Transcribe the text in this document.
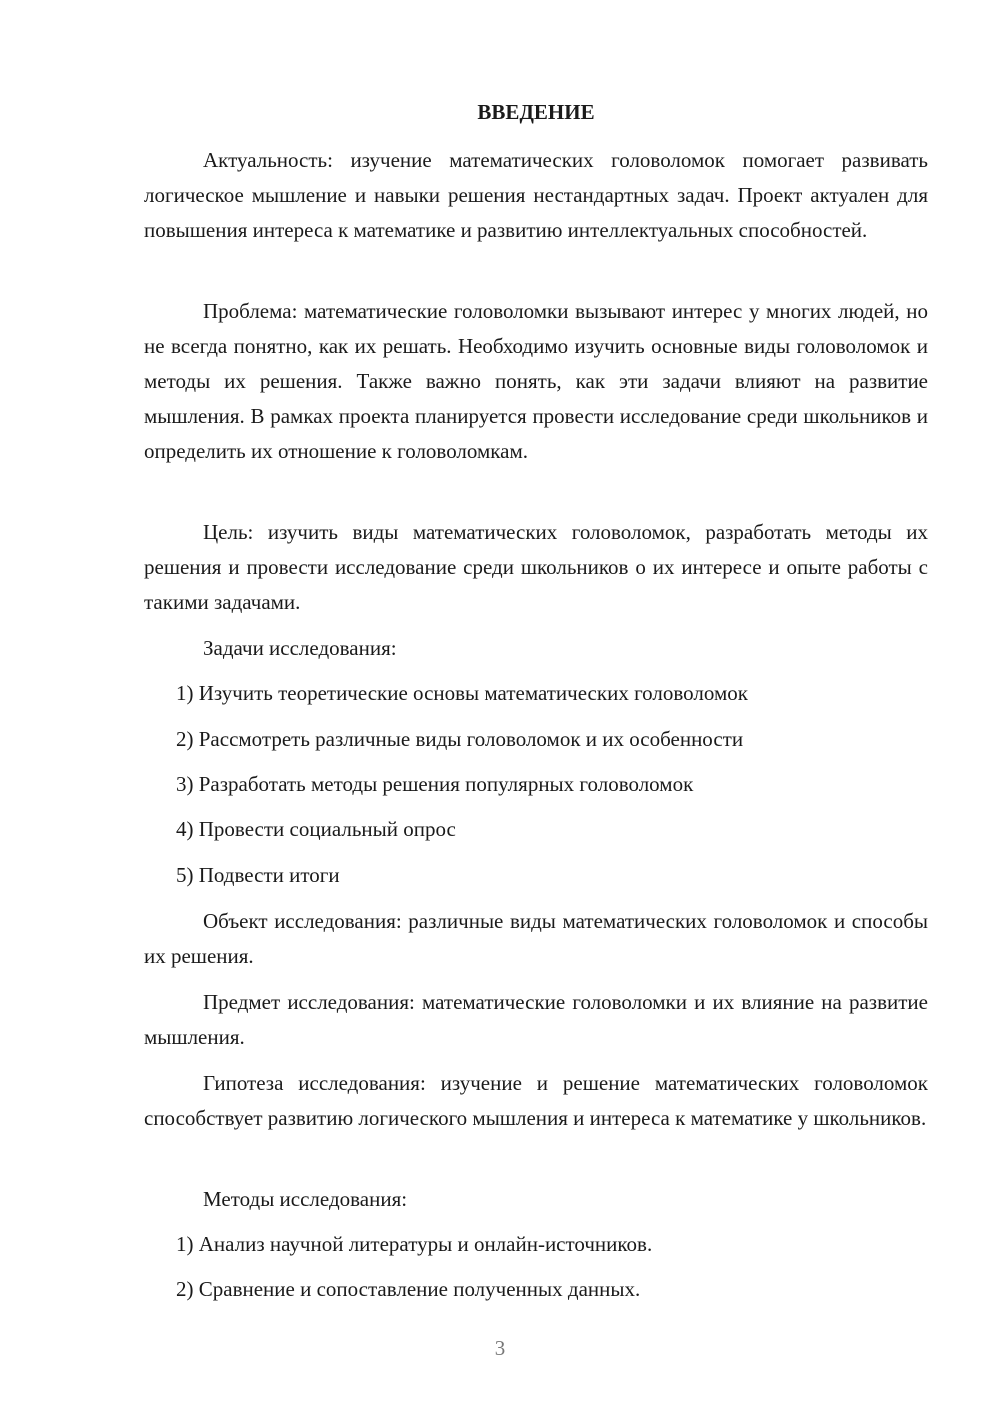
ВВЕДЕНИЕ

Актуальность: изучение математических головоломок помогает развивать логическое мышление и навыки решения нестандартных задач. Проект актуален для повышения интереса к математике и развитию интеллектуальных способностей.

Проблема: математические головоломки вызывают интерес у многих людей, но не всегда понятно, как их решать. Необходимо изучить основные виды головоломок и методы их решения. Также важно понять, как эти задачи влияют на развитие мышления. В рамках проекта планируется провести исследование среди школьников и определить их отношение к головоломкам.

Цель: изучить виды математических головоломок, разработать методы их решения и провести исследование среди школьников о их интересе и опыте работы с такими задачами.

Задачи исследования:

1) Изучить теоретические основы математических головоломок

2) Рассмотреть различные виды головоломок и их особенности

3) Разработать методы решения популярных головоломок

4) Провести социальный опрос

5) Подвести итоги

Объект исследования: различные виды математических головоломок и способы их решения.

Предмет исследования: математические головоломки и их влияние на развитие мышления.

Гипотеза исследования: изучение и решение математических головоломок способствует развитию логического мышления и интереса к математике у школьников.

Методы исследования:

1) Анализ научной литературы и онлайн-источников.

2) Сравнение и сопоставление полученных данных.

3
